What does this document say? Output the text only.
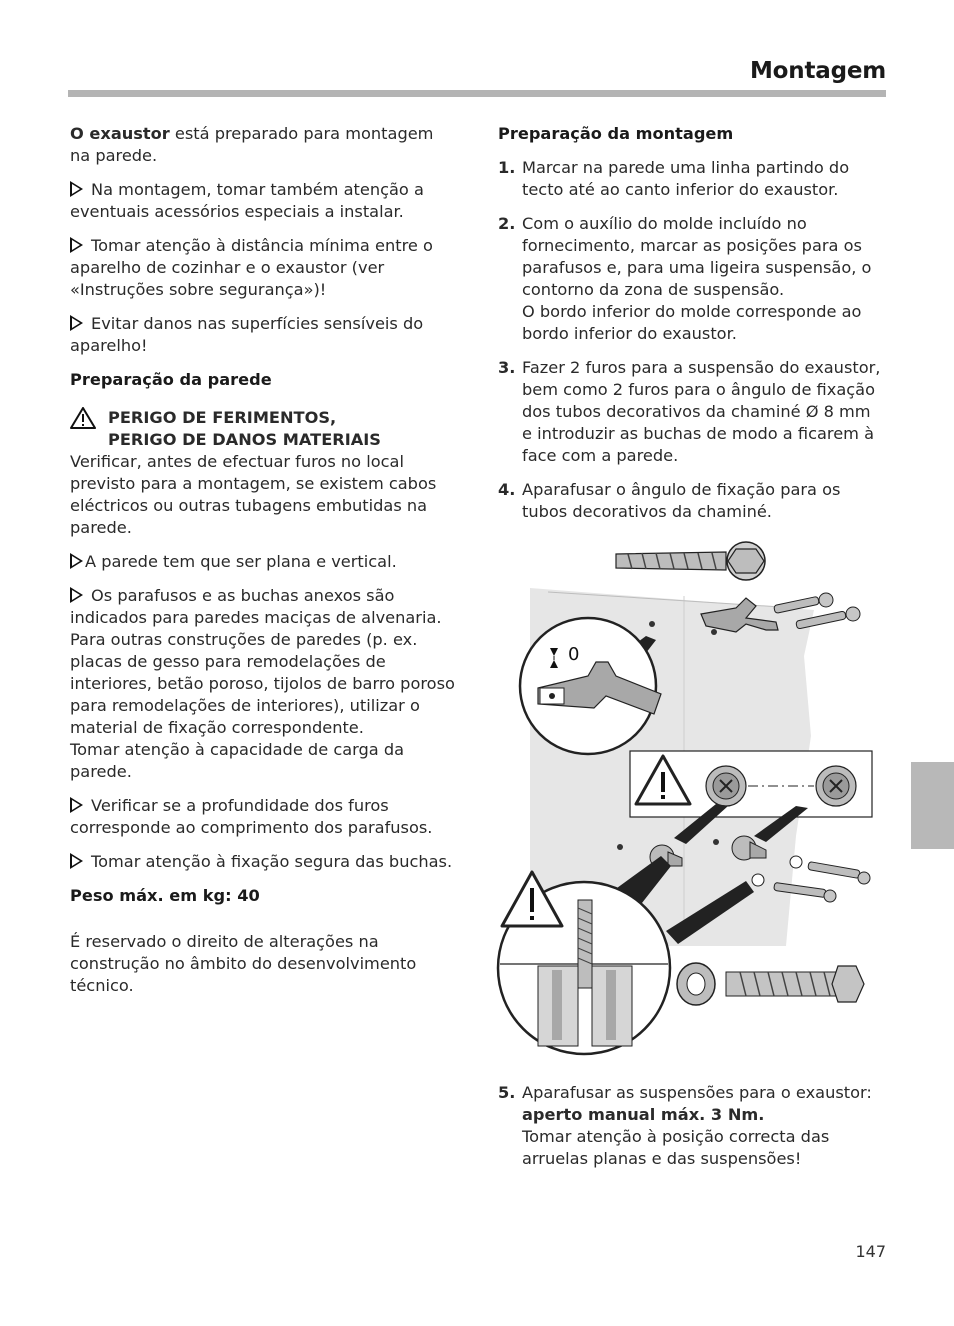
Montagem

O exaustor está preparado para montagem na parede.

Na montagem, tomar também atenção a eventuais acessórios especiais a instalar.

Tomar atenção à distância mínima entre o aparelho de cozinhar e o exaustor (ver «Instruções sobre segurança»)!

Evitar danos nas superfícies sensíveis do aparelho!

Preparação da parede

PERIGO DE FERIMENTOS,
PERIGO DE DANOS MATERIAIS

Verificar, antes de efectuar furos no local previsto para a montagem, se existem cabos eléctricos ou outras tubagens embutidas na parede.

A parede tem que ser plana e vertical.

Os parafusos e as buchas anexos são indicados para paredes maciças de alvenaria. Para outras construções de paredes (p. ex. placas de gesso para remodelações de interiores, betão poroso, tijolos de barro poroso para remodelações de interiores), utilizar o material de fixação correspondente.

Tomar atenção à capacidade de carga da parede.

Verificar se a profundidade dos furos corresponde ao comprimento dos parafusos.

Tomar atenção à fixação segura das buchas.

Peso máx. em kg: 40

É reservado o direito de alterações na construção no âmbito do desenvolvimento técnico.

Preparação da montagem

1. Marcar na parede uma linha partindo do tecto até ao canto inferior do exaustor.
2. Com o auxílio do molde incluído no fornecimento, marcar as posições para os parafusos e, para uma ligeira suspensão, o contorno da zona de suspensão.
O bordo inferior do molde corresponde ao bordo inferior do exaustor.
3. Fazer 2 furos para a suspensão do exaustor, bem como 2 furos para o ângulo de fixação dos tubos decorativos da chaminé Ø 8 mm e introduzir as buchas de modo a ficarem à face com a parede.
4. Aparafusar o ângulo de fixação para os tubos decorativos da chaminé.
0
5. Aparafusar as suspensões para o exaustor:
aperto manual máx. 3 Nm.
Tomar atenção à posição correcta das arruelas planas e das suspensões!
147
